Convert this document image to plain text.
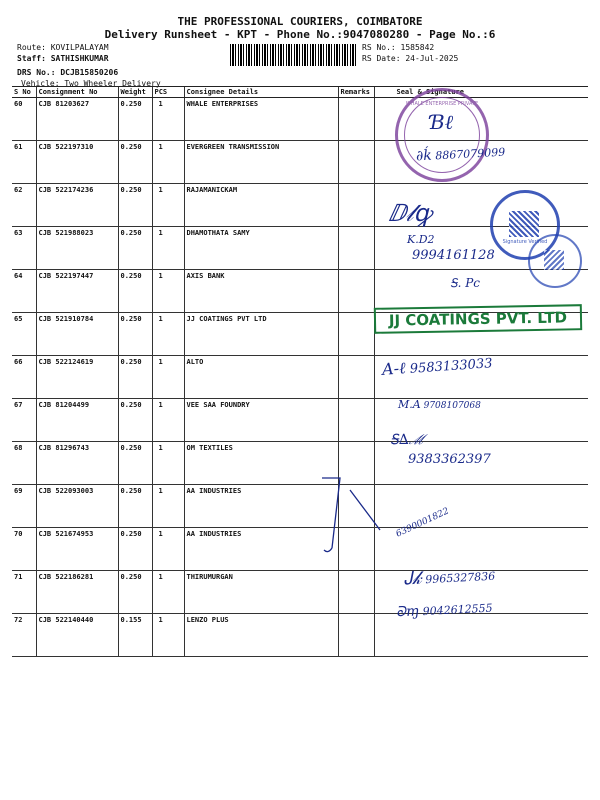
THE PROFESSIONAL COURIERS, COIMBATORE
Delivery Runsheet - KPT - Phone No.:9047080280 - Page No.:6
Route: KOVILPALAYAM
Staff: SATHISHKUMAR
DRS No.: DCJB15850206
Vehicle: Two Wheeler Delivery
RS No.: 1585842
RS Date: 24-Jul-2025
S No	Consignment No	Weight	PCS	Consignee Details	Remarks	Seal & Signature
60	CJB 81203627	0.250	1	WHALE ENTERPRISES		
61	CJB 522197310	0.250	1	EVERGREEN TRANSMISSION		
62	CJB 522174236	0.250	1	RAJAMANICKAM		
63	CJB 521988023	0.250	1	DHAMOTHATA SAMY		
64	CJB 522197447	0.250	1	AXIS BANK		
65	CJB 521910784	0.250	1	JJ COATINGS PVT LTD		
66	CJB 522124619	0.250	1	ALTO		
67	CJB 81204499	0.250	1	VEE SAA FOUNDRY		
68	CJB 81296743	0.250	1	OM TEXTILES		
69	CJB 522093003	0.250	1	AA INDUSTRIES		
70	CJB 521674953	0.250	1	AA INDUSTRIES		
71	CJB 522186281	0.250	1	THIRUMURGAN		
72	CJB 522140440	0.155	1	LENZO PLUS		
WHALE ENTERPRISE PRIVATE
Signature Verified
JJ COATINGS PVT. LTD
Ɓℓ
∂ḱ 8867079099
ⅅ𝓁ꝙ
K.D2
9994161128
Ꭶ. Pc
A-ℓ 9583133033
M.A 9708107068
Ꭶ∆ℳ
9383362397
6390001822
Ꭻ𝓀 9965327836
ᘐɱ 9042612555
